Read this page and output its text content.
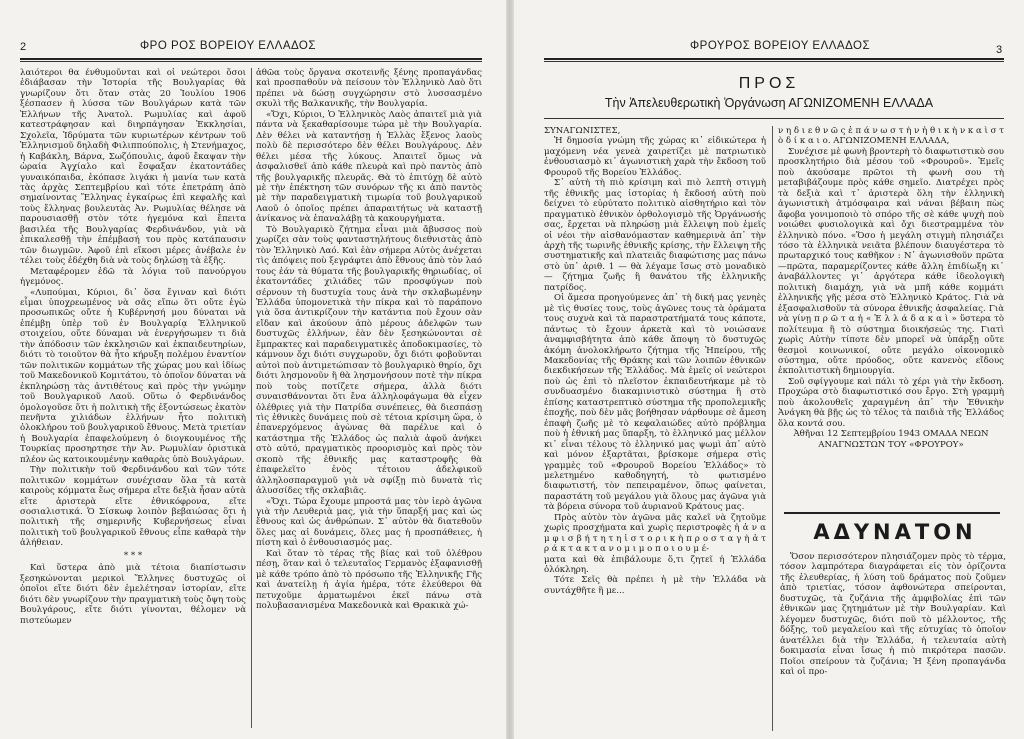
2	ΦΡΟ ΡΟΣ ΒΟΡΕΙΟΥ ΕΛΛΑΔΟΣ

λαιότεροι θα ένθυμοῦνται καὶ οἱ νεώτεροι ὅσοι ἐδιάβασαν τὴν Ἱστορία τῆς Βουλγαρίας θὰ γνωρίζουν ὅτι ὅταν στὰς 20 Ἰουλίου 1906 ξέσπασεν ἡ λύσσα τῶν Βουλγάρων κατὰ τῶν Ἑλλήνων τῆς Ἀνατολ. Ρωμυλίας καὶ ἀφοῦ κατεστράφησαν καὶ διηρπάγησαν Ἐκκλησίαι, Σχολεῖα, Ἱδρύματα τῶν κυριωτέρων κέντρων τοῦ Ἑλληνισμοῦ δηλαδὴ Φιλιππούπολις, ἡ Στενήμαχος, ἡ Καβάκλη, Βάρνα, Σωζόπουλις, ἀφοῦ ἔκαψαν τὴν ὡραία Ἀγχίαλο καὶ ἔσφαξαν ἑκατοντάδες γυναικόπαιδα, ἐκόπασε λιγάκι ἡ μανία των κατὰ τὰς ἀρχὰς Σεπτεμβρίου καὶ τότε ἐπετράπη ἀπὸ σημαίνοντας Ἕλληνας ἐγκαίρως ἐπὶ κεφαλῆς καὶ τοὺς ἔλληνας βουλευτὰς Ἀν. Ρωμυλίας θέλησε νὰ παρουσιασθῇ στὸν τότε ἡγεμόνα καὶ ἔπειτα βασιλέα τῆς Βουλγαρίας Φερδινάνδον, γιὰ νὰ ἐπικαλεσθῇ τὴν ἐπέμβασή του πρὸς κατάπαυσιν τῶν διωγμῶν. Ἀφοῦ ἐπὶ εἴκοσι μέρες ἀνέβαλε ἐν τέλει τοὺς ἐδέχθη διὰ νὰ τοὺς δηλώσῃ τὰ ἑξῆς.

Μεταφέρομεν ἐδῶ τὰ λόγια τοῦ πανούργου ἡγεμόνος.

«Λυπούμαι, Κύριοι, δι᾽ ὅσα ἔγιναν καὶ διότι εἶμαι ὑποχρεωμένος νὰ σᾶς εἴπω ὅτι οὔτε ἐγὼ προσωπικῶς οὔτε ἡ Κυβέρνησή μου δύναται νὰ ἐπέμβῃ ὑπὲρ τοῦ ἐν Βουλγαρίᾳ Ἑλληνικοῦ στοιχείου, οὔτε δύναμαι νὰ ἐνεργήσωμεν τι διὰ τὴν ἀπόδοσιν τῶν ἐκκλησιῶν καὶ ἐκπαιδευτηρίων, διότι τὸ τοιοῦτον θὰ ἦτο κήρυξη πολέμου ἐναντίον τῶν πολιτικῶν κομμάτων τῆς χώρας μου καὶ ἰδίως τοῦ Μακεδονικοῦ Κομιτάτου, τὸ ὁποῖον δύναται νὰ ἐκπληρώσῃ τὰς ἀντιθέτους καὶ πρὸς τὴν γνώμην τοῦ Βουλγαρικοῦ Λαοῦ. Οὕτω ὁ Φερδινάνδος ὁμολογοῦσε ὅτι ἡ πολιτικὴ τῆς ἐξοντώσεως ἑκατὸν πενῆντα χιλιάδων ἑλλήνων ἦτο πολιτικὴ ὁλοκλήρου τοῦ βουλγαρικοῦ ἔθνους. Μετὰ τριετίαν ἡ Βουλγαρία ἐπαφελούμενη ὁ διογκουμένος τῆς Τουρκίας προσηρτησε τὴν Ἀν. Ρωμυλίαν ὁριστικὰ πλέον ὡς κατοικουμένην καθαρὰς ὑπὸ Βουλγάρων.

Τὴν πολιτικὴν τοῦ Φερδινάνδου καὶ τῶν τότε πολιτικῶν κομμάτων συνέχισαν ὅλα τὰ κατὰ καιροὺς κόμματα ἕως σήμερα εἴτε δεξιὰ ἦσαν αὐτὰ εἴτε ἀριστερὰ εἴτε ἐθνικόφρονα, εἴτε σοσιαλιστικά. Ὁ Σίσκωφ λοιπὸν βεβαιώσας ὅτι ἡ πολιτικὴ τῆς σημερινῆς Κυβερνήσεως εἶναι πολιτικὴ τοῦ βουλγαρικοῦ ἔθνους εἶπε καθαρὰ τὴν ἀλήθειαν.

* * *

Καὶ ὕστερα ἀπὸ μιὰ τέτοια διαπίστωσιν ξεσηκώνονται μερικοὶ Ἕλληνες δυστυχῶς οἱ ὁποῖοι εἴτε διότι δὲν ἐμελέτησαν ἱστορίαν, εἴτε διότι δὲν γνωρίζουν τὴν πραγματικὴ τοὺς ὄψη τοὺς Βουλγάρους, εἴτε διότι γίνονται, θέλομεν νὰ πιστεύωμεν

ἀθῶα τοὺς ὄργανα σκοτεινῆς ξένης προπαγάνδας καὶ προσπαθοῦν νὰ πείσουν τὸν Ἑλληνικὸ Λαὸ ὅτι πρέπει νὰ δώσῃ συγχώρησιν στὸ λυσσασμένο σκυλὶ τῆς Βαλκανικῆς, τὴν Βουλγαρία.

«Ὄχι, Κύριοι, Ὁ Ἑλληνικὸς Λαὸς ἀπαιτεῖ μιὰ γιὰ πάντα νὰ ξεκαθαρίσουμε τώρα μὲ τὴν Βουλγαρία. Δὲν θέλει νὰ καταντήσῃ ἡ Ἑλλὰς ἔξενος λαοὺς πολὺ δὲ περισσότερο δὲν θέλει Βουλγάρους. Δὲν θέλει μέσα τῆς λύκους. Ἀπαιτεῖ ὅμως νὰ ἀσφαλισθεῖ ἀπὸ κάθε πλευρὰ καὶ πρὸ παντὸς ἀπὸ τῆς βουλγαρικῆς πλευρᾶς. Θὰ τὸ ἐπιτύχῃ δὲ αὐτὸ μὲ τὴν ἐπέκτηση τῶν συνόρων τῆς κι ἀπὸ παντὸς μὲ τὴν παραδειγματικὴ τιμωρία τοῦ βουλγαρικοῦ Λαοῦ ὁ ὁποῖος πρέπει ἀπαραιτήτως νὰ καταστῇ ἀνίκανος νὰ ἐπαναλάβῃ τὰ κακουργήματα.

Τὸ Βουλγαρικὸ ζήτημα εἶναι μιὰ ἄβυσσος ποὺ χωρίζει σὰν τοὺς φανταστηλήτους διεθνιστὰς ἀπὸ τὸν Ἑλληνικὸ Λαό. Καὶ ἐὰν σήμερα Αὐτὸς ἀνέχεται τὶς ἀπόψεις ποὺ ξεγράφτει ἀπὸ ἔθνους ἀπὸ τὸν λαό τους ἐάν τὰ θύματα τῆς βουλγαρικῆς θηριωδίας, οἱ ἑκατοντάδες χιλιάδες τῶν προσφύγων ποὺ σέρνουν τὴ δυστυχία τους ἀνὰ τὴν σκλαβωμένην Ἑλλάδα ὑπομονετικὰ τὴν πίκρα καὶ τὸ παράπονο γιὰ ὅσα ἀντικρίζουν τὴν κατάντια ποὺ ἔχουν σὰν εἴδαν καὶ ἀκούουν ἀπὸ μέρους ἀδελφῶν των δυστυχῶς ἑλλήνων, ἐὰν δὲν ξεσηκώνονται σὲ ἔμπρακτες καὶ παραδειγματικὲς ἀποδοκιμασίες, τὸ κάμνουν ὄχι διότι συγχωροῦν, ὄχι διότι φοβοῦνται αὐτοὶ ποὺ ἀντιμετώπισαν τὸ βουλγαρικὸ θηρίο, ὄχι διότι λησμονοῦν ἢ θὰ λησμονήσουν ποτὲ τὴν πίκρα ποὺ τοὺς ποτίζετε σήμερα, ἀλλὰ διότι συναισθάνονται ὅτι ἔνα ἀλληλοφάγωμα θὰ εἶχεν ὀλέθριες γιὰ τὴν Πατρίδα συνέπειες, θὰ διεσπάσῃ τὶς ἐθνικὲς δυνάμεις ποὺ σὲ τέτοια κρίσιμη ὥρα, ὁ ἐπανερχόμενος ἀγὼνας θὰ παρέλυε καὶ ὁ κατάστημα τῆς Ἑλλάδος ὡς παλιὰ ἀφοῦ ἀνήκει στὸ αὐτό, πραγματικὸς προορισμὸς καὶ πρὸς τὸν σκοπὸ τῆς ἐθνικῆς μας καταστροφῆς θὰ ἐπαφελεῖτο ἐνὸς τέτοιου ἀδελφικοῦ ἀλληλοσπαραγμοῦ γιὰ νὰ σφίξῃ πιὸ δυνατὰ τὶς ἁλυσσίδες τῆς σκλαβιᾶς.

«Ὄχι. Τώρα ἔχουμε μπροστά μας τὸν ἱερὸ ἀγῶνα γιὰ τὴν Λευθεριὰ μας, γιὰ τὴν ὕπαρξή μας καὶ ὡς ἔθνους καὶ ὡς ἀνθρώπων. Σ᾽ αὐτὸν θὰ διατεθοῦν ὅλες μας αἱ δυνάμεις, ὅλες μας ἡ προσπάθειες, ἡ πίστη καὶ ὁ ἐνθουσιασμός μας.

Καὶ ὅταν τὸ τέρας τῆς βίας καὶ τοῦ ὀλέθρου πέσῃ, ὅταν καὶ ὁ τελευταῖος Γερμανὸς ἐξαφανισθῇ μὲ κάθε τρόπο ἀπὸ τὸ πρόσωπο τῆς Ἑλληνικῆς Γῆς καὶ ἀνατείλῃ ἡ ἁγία ἡμέρα, τότε ἐλεύθεροι θὰ πετυχοῦμε ἁρματωμένοι ἐκεῖ πάνω στὰ πολυβασανισμένα Μακεδονικὰ καὶ Θρακικὰ χώ-

ΦΡΟΥΡΟΣ ΒΟΡΕΙΟΥ ΕΛΛΑΔΟΣ	3
ΠΡΟΣ
Τὴν Ἀπελευθερωτικὴ Ὀργάνωση ΑΓΩΝΙΖΟΜΕΝΗ ΕΛΛΑΔΑ

ΣΥΝΑΓΩΝΙΣΤΕΣ,

Ἡ δημοσία γνώμη τῆς χώρας κι᾽ εἰδικώτερα ἡ μαχόμενη νέα γενεὰ χαιρετίζει μὲ πατριωτικὸ ἐνθουσιασμὸ κι᾽ ἀγωνιστικὴ χαρὰ τὴν ἔκδοση τοῦ Φρουροῦ τῆς Βορείου Ἑλλάδος.

Σ᾽ αὐτὴ τὴ πιὸ κρίσιμη καὶ πιὸ λεπτὴ στιγμὴ τῆς ἐθνικῆς μας ἱστορίας ἡ ἔκδοσή αὐτὴ ποὺ δείχνει τὸ εὐρύτατο πολιτικὸ αἰσθητήριο καὶ τὸν πραγματικὸ ἐθνικὸν ὀρθολογισμὸ τῆς Ὀργάνωσής σας, ἔρχεται νὰ πληρώσῃ μιὰ ἔλλειψη ποὺ ἐμεῖς οἱ νέοι τὴν αἰσθανόμασταν καθημερινὰ ἀπ᾽ τὴν ἀρχὴ τῆς τωρινῆς ἐθνικῆς κρίσης, τὴν ἔλλειψη τῆς συστηματικῆς καὶ πλατειᾶς διαφώτισης μας πάνω στὸ ὑπ᾽ ἀριθ. 1 — θὰ λέγαμε ἴσως στὸ μοναδικὸ — ζήτημα ζωῆς ἢ θανάτου τῆς ἑλληνικῆς πατρίδος.

Οἱ ἄμεσα προηγούμενες ἀπ᾽ τὴ δική μας γενηὲς μὲ τὶς θυσίες τους, τοὺς ἀγῶνες τους τὰ ὁράματα τους συχνὰ καὶ τὰ παραστρατήματά τους κάποτε, πάντως τὸ ἔχουν ἀρκετὰ καὶ τὸ νοιώσανε ἀναμφισβήτητα ἀπὸ κάθε ἄποψη τὸ δυστυχῶς ἀκόμη ἀνολοκλήρωτο ζήτημα τῆς Ἠπείρου, τῆς Μακεδονίας τῆς Θράκης καὶ τῶν λοιπῶν ἐθνικῶν διεκδικήσεων τῆς Ἑλλάδος. Μὰ ἐμεῖς οἱ νεώτεροι ποὺ ὡς ἐπὶ τὸ πλεῖστον ἐκπαιδευτήκαμε μὲ τὸ συνδυασμένο διακαμινιστικὸ σύστημα ἢ στὸ ἐπίσης καταστρεπτικὸ σύστημα τῆς προπολεμικῆς ἐποχῆς, ποὺ δὲν μᾶς βοήθησαν νάρθουμε σὲ ἄμεση ἐπαφὴ ζωῆς μὲ τὸ κεφαλαιώδες αὐτὸ πρόβλημα ποὺ ἡ ἐθνική μας ὕπαρξη, τὸ ἑλληνικό μας μέλλον κι᾽ εἶναι τέλους τὸ ἑλληνικό μας ψωμὶ ἀπ᾽ αὐτὸ καὶ μόνον ἐξαρτᾶται, βρίσκομε σήμερα στὶς γραμμὲς τοῦ «Φρουροῦ Βορείου Ἑλλάδος» τὸ μελετημένο καθοδηγητή, τὸ φωτισμένο διαφωτιστή, τὸν πεπειραμένον, ὅπως φαίνεται, παραστάτη τοῦ μεγάλου γιὰ ὅλους μας ἀγῶνα γιὰ τὰ βόρεια σύνορα τοῦ ἀυριανοῦ Κράτους μας.

Πρὸς αὐτὸν τὸν ἀγῶνα μᾶς καλεῖ νὰ ζητοῦμε χωρὶς προσχήματα καὶ χωρὶς περιστροφὲς ἡ ἀ ν α μ φ ι σ β ή τ η τ η ἱ σ τ ο ρ ι κ ὴ π ρ ο σ τ α γ ὴ ἀ τ ρ ά κ τ α κ τ α ν ο μ ι μ ο π ο ι ο υ μ έ-

ματα καὶ θὰ ἐπιβάλουμε ὅ,τι ζητεῖ ἡ Ἑλλάδα ὁλόκληρη.

Τότε Σεῖς θὰ πρέπει ἡ μὲ τὴν Ἑλλάδα νὰ συντάχθῆτε ἢ με...

ν η δ ι ε θ ν ῶ ς ἐ π ά ν ω σ τ ὴ ν ἠ θ ι κ ὴ ν κ α ὶ σ τ ὸ δ ί κ α ι ο. ΑΓΩΝΙΖΟΜΕΝΗ ΕΛΛΑΔΑ,

Συνέχισε μὲ φωνὴ βροντερὴ τὸ διαφωτιστικὸ σου προσκλητήριο διὰ μέσου τοῦ «Φρουροῦ». Ἐμεῖς ποὺ ἀκούσαμε πρῶτοι τὴ φωνὴ σου τὴ μεταβιβάζουμε πρὸς κάθε σημεῖο. Διατρέχει πρὸς τὰ δεξιὰ καὶ τ᾽ ἀριστερὰ ὅλη τὴν ἑλληνικὴ ἀγωνιστικὴ ἀτμόσφαιρα καὶ νάναι βέβαιη πὼς ἄφοβα γονιμοποιὸ τὸ σπόρο τῆς σὲ κάθε ψυχὴ ποὺ νοιώθει φυσιολογικὰ καὶ ὄχι διεστραμμένα τὸν ἑλληνικὸ πόνο. «Ὅσο ἡ μεγάλη στιγμὴ πλησιάζει τόσο τὰ ἑλληνικὰ νειᾶτα βλέπουν διαυγέστερα τὸ πρωταρχικό τους καθῆκον : Ν᾽ ἀγωνισθοῦν πρῶτα—πρῶτα, παραμερίζοντες κάθε ἄλλη ἐπιδίωξη κι᾽ ἀναβάλλοντες γι᾽ ἀργότερα κάθε ἰδεολογικὴ πολιτικὴ διαμάχη, γιὰ νὰ μπῆ κάθε κομμάτι ἑλληνικῆς γῆς μέσα στὸ Ἑλληνικὸ Κράτος. Γιὰ νὰ ἐξασφαλισθοῦν τὰ σύνορα ἐθνικῆς ἀσφαλείας. Γιὰ νὰ γίνῃ π ρ ῶ τ α ἡ « Ἑ λ λ ά δ α κ α ὶ » ὕστερα τὸ πολίτευμα ἢ τὸ σύστημα διοικήσεώς της. Γιατὶ χωρὶς Αὐτὴν τίποτε δὲν μπορεῖ νὰ ὑπάρξῃ οὔτε θεσμοὶ κοινωνικοί, οὔτε μεγάλο οἰκονομικὸ σύστημα, οὔτε πρόοδος, οὔτε κανενὸς εἴδους ἐκπολιτιστικὴ δημιουργία.

Σοῦ σφίγγουμε καὶ πάλι τὸ χέρι γιὰ τὴν ἔκδοση. Προχώρα στὸ διαφωτιστικό σου ἔργο. Στὴ γραμμὴ ποὺ ἀκολουθεῖς χαραγμένη ἀπ᾽ τὴν Ἐθνικὴν Ἀνάγκη θὰ βῇς ὡς τὸ τέλος τὰ παιδιὰ τῆς Ἑλλάδος ὅλα κοντά σου.

Ἀθῆναι 12 Σεπτεμβρίου 1943 ΟΜΑΔΑ ΝΕΩΝ ΑΝΑΓΝΩΣΤΩΝ ΤΟΥ «ΦΡΟΥΡΟΥ»

ΑΔΥΝΑΤΟΝ

Ὅσον περισσότερον πλησιάζομεν πρὸς τὸ τέρμα, τόσον λαμπρότερα διαγράφεται εἰς τὸν ὁρίζοντα τῆς ἐλευθερίας, ἡ λύση τοῦ δράματος ποὺ ζοῦμεν ἀπὸ τριετίας, τόσον ἀφθονώτερα σπείρονται, δυστυχῶς, τὰ ζυζάνια τῆς ἀμφιβολίας ἐπὶ τῶν ἐθνικῶν μας ζητημάτων μὲ τὴν Βουλγαρίαν. Καὶ λέγομεν δυστυχῶς, διότι ποῦ τὸ μέλλοντος, τῆς δόξης, τοῦ μεγαλείου καὶ τῆς εὐτυχίας τὸ ὁποῖον ἀνατέλλει διὰ τὴν Ἑλλάδα, ἡ τελευταία αὐτὴ δοκιμασία εἶναι ἴσως ἡ πιὸ πικρότερα πασῶν. Ποῖοι σπείρουν τὰ ζυζάνια; Ἡ ξένη προπαγάνδα καὶ οἱ προ-
